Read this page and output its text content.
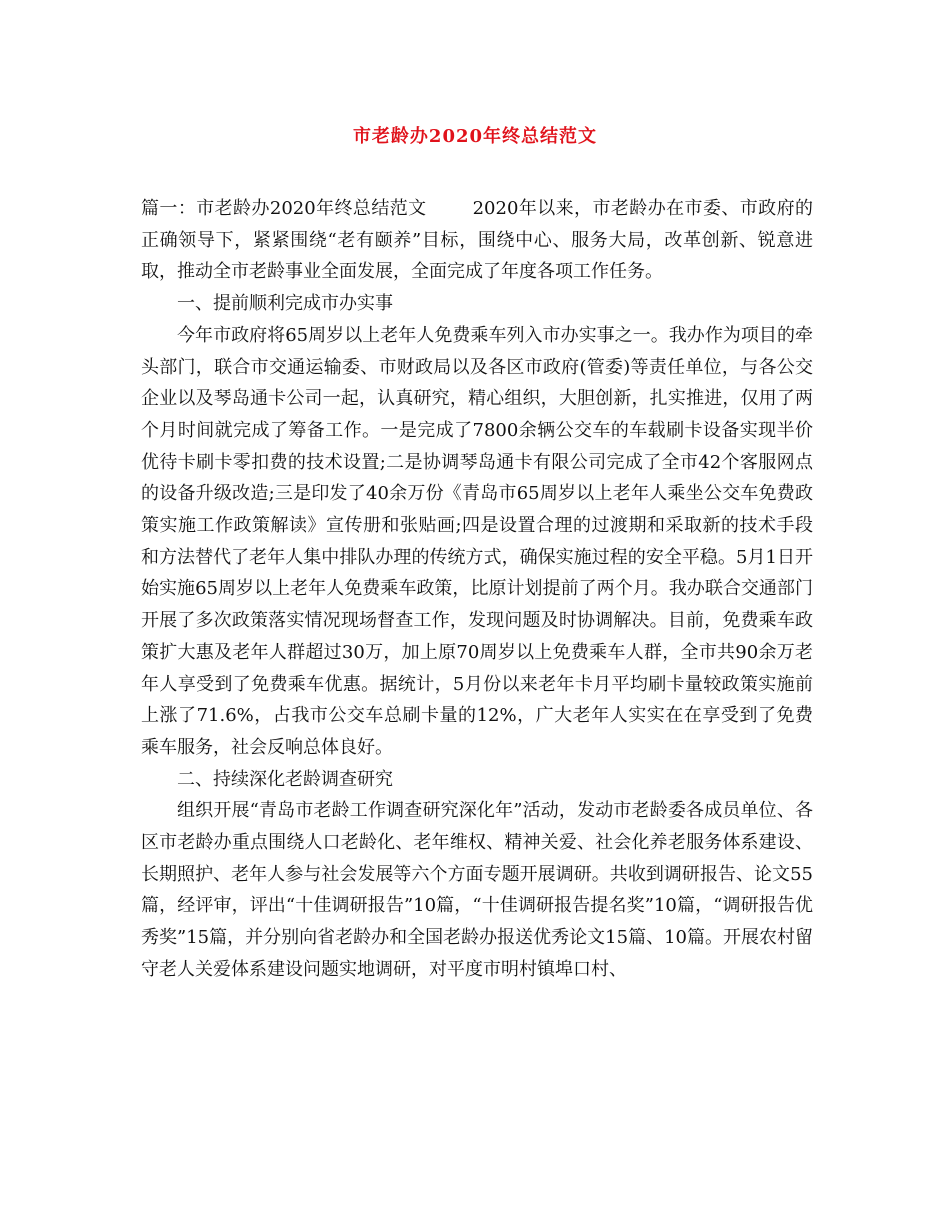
市老龄办2020年终总结范文

篇一：市老龄办2020年终总结范文	2020年以来，市老龄办在市委、市政府的正确领导下，紧紧围绕“老有颐养”目标，围绕中心、服务大局，改革创新、锐意进取，推动全市老龄事业全面发展，全面完成了年度各项工作任务。

一、提前顺利完成市办实事

今年市政府将65周岁以上老年人免费乘车列入市办实事之一。我办作为项目的牵头部门，联合市交通运输委、市财政局以及各区市政府(管委)等责任单位，与各公交企业以及琴岛通卡公司一起，认真研究，精心组织，大胆创新，扎实推进，仅用了两个月时间就完成了筹备工作。一是完成了7800余辆公交车的车载刷卡设备实现半价优待卡刷卡零扣费的技术设置;二是协调琴岛通卡有限公司完成了全市42个客服网点的设备升级改造;三是印发了40余万份《青岛市65周岁以上老年人乘坐公交车免费政策实施工作政策解读》宣传册和张贴画;四是设置合理的过渡期和采取新的技术手段和方法替代了老年人集中排队办理的传统方式，确保实施过程的安全平稳。5月1日开始实施65周岁以上老年人免费乘车政策，比原计划提前了两个月。我办联合交通部门开展了多次政策落实情况现场督查工作，发现问题及时协调解决。目前，免费乘车政策扩大惠及老年人群超过30万，加上原70周岁以上免费乘车人群，全市共90余万老年人享受到了免费乘车优惠。据统计，5月份以来老年卡月平均刷卡量较政策实施前上涨了71.6%，占我市公交车总刷卡量的12%，广大老年人实实在在享受到了免费乘车服务，社会反响总体良好。

二、持续深化老龄调查研究

组织开展“青岛市老龄工作调查研究深化年”活动，发动市老龄委各成员单位、各区市老龄办重点围绕人口老龄化、老年维权、精神关爱、社会化养老服务体系建设、长期照护、老年人参与社会发展等六个方面专题开展调研。共收到调研报告、论文55篇，经评审，评出“十佳调研报告”10篇，“十佳调研报告提名奖”10篇，“调研报告优秀奖”15篇，并分别向省老龄办和全国老龄办报送优秀论文15篇、10篇。开展农村留守老人关爱体系建设问题实地调研，对平度市明村镇埠口村、
